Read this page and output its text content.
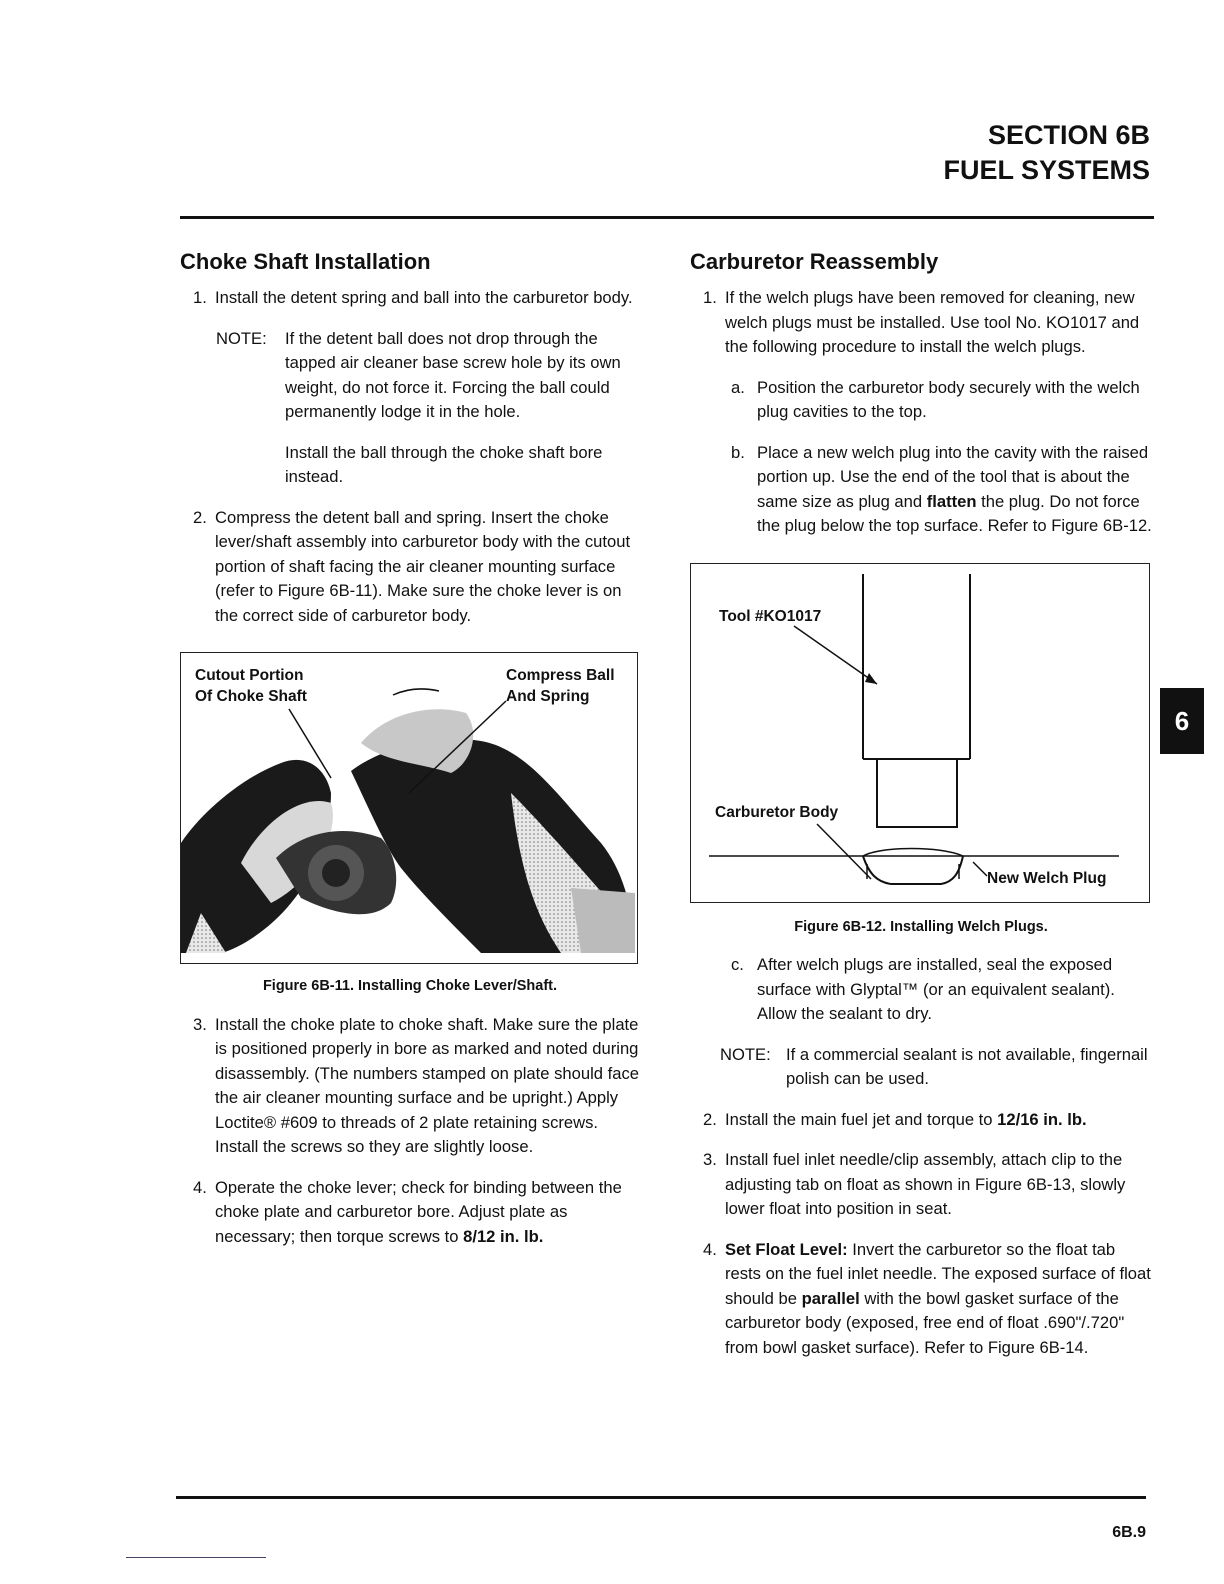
SECTION 6B
FUEL SYSTEMS
Choke Shaft Installation
1. Install the detent spring and ball into the carburetor body.
NOTE: If the detent ball does not drop through the tapped air cleaner base screw hole by its own weight, do not force it. Forcing the ball could permanently lodge it in the hole.
Install the ball through the choke shaft bore instead.
2. Compress the detent ball and spring. Insert the choke lever/shaft assembly into carburetor body with the cutout portion of shaft facing the air cleaner mounting surface (refer to Figure 6B-11). Make sure the choke lever is on the correct side of carburetor body.
Cutout Portion
Of Choke Shaft
Compress Ball
And Spring
Figure 6B-11. Installing Choke Lever/Shaft.
3. Install the choke plate to choke shaft. Make sure the plate is positioned properly in bore as marked and noted during disassembly. (The numbers stamped on plate should face the air cleaner mounting surface and be upright.) Apply Loctite® #609 to threads of 2 plate retaining screws. Install the screws so they are slightly loose.
4. Operate the choke lever; check for binding between the choke plate and carburetor bore. Adjust plate as necessary; then torque screws to 8/12 in. lb.
Carburetor Reassembly
1. If the welch plugs have been removed for cleaning, new welch plugs must be installed. Use tool No. KO1017 and the following procedure to install the welch plugs.
a. Position the carburetor body securely with the welch plug cavities to the top.
b. Place a new welch plug into the cavity with the raised portion up. Use the end of the tool that is about the same size as plug and flatten the plug. Do not force the plug below the top surface. Refer to Figure 6B-12.
Tool #KO1017
Carburetor Body
New Welch Plug
Figure 6B-12. Installing Welch Plugs.
c. After welch plugs are installed, seal the exposed surface with Glyptal™ (or an equivalent sealant). Allow the sealant to dry.
NOTE: If a commercial sealant is not available, fingernail polish can be used.
2. Install the main fuel jet and torque to 12/16 in. lb.
3. Install fuel inlet needle/clip assembly, attach clip to the adjusting tab on float as shown in Figure 6B-13, slowly lower float into position in seat.
4. Set Float Level: Invert the carburetor so the float tab rests on the fuel inlet needle. The exposed surface of float should be parallel with the bowl gasket surface of the carburetor body (exposed, free end of float .690"/.720" from bowl gasket surface). Refer to Figure 6B-14.
6
6B.9
